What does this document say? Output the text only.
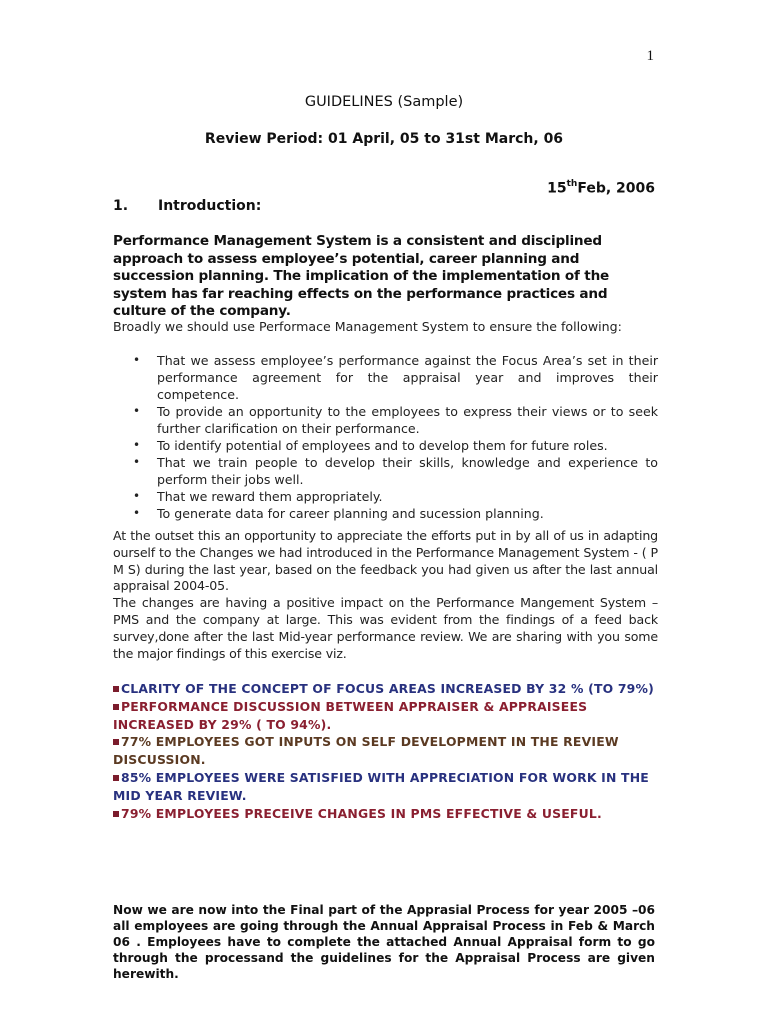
1
GUIDELINES (Sample)
Review Period: 01 April, 05 to 31st March, 06
15thFeb, 2006
1. Introduction:
Performance Management System is a consistent and disciplined approach to assess employee’s potential, career planning and succession planning. The implication of the implementation of the system has far reaching effects on the performance practices and culture of the company.
Broadly we should use Performace Management System to ensure the following:
• That we assess employee’s performance against the Focus Area’s set in their performance agreement for the appraisal year and improves their competence.
• To provide an opportunity to the employees to express their views or to seek further clarification on their performance.
• To identify potential of employees and to develop them for future roles.
• That we train people to develop their skills, knowledge and experience to perform their jobs well.
• That we reward them appropriately.
• To generate data for career planning and sucession planning.
At the outset this an opportunity to appreciate the efforts put in by all of us in adapting ourself to the Changes we had introduced in the Performance Management System - ( P M S) during the last year, based on the feedback you had given us after the last annual appraisal 2004-05.
The changes are having a positive impact on the Performance Mangement System –PMS and the company at large. This was evident from the findings of a feed back survey,done after the last Mid-year performance review. We are sharing with you some the major findings of this exercise viz.
CLARITY OF THE CONCEPT OF FOCUS AREAS INCREASED BY 32 % (TO 79%)
PERFORMANCE DISCUSSION BETWEEN APPRAISER & APPRAISEES INCREASED BY 29% ( TO 94%).
77% EMPLOYEES GOT INPUTS ON SELF DEVELOPMENT IN THE REVIEW DISCUSSION.
85% EMPLOYEES WERE SATISFIED WITH APPRECIATION FOR WORK IN THE MID YEAR REVIEW.
79% EMPLOYEES PRECEIVE CHANGES IN PMS EFFECTIVE & USEFUL.
Now we are now into the Final part of the Apprasial Process for year 2005 –06 all employees are going through the Annual Appraisal Process in Feb & March 06 . Employees have to complete the attached Annual Appraisal form to go through the processand the guidelines for the Appraisal Process are given herewith.
